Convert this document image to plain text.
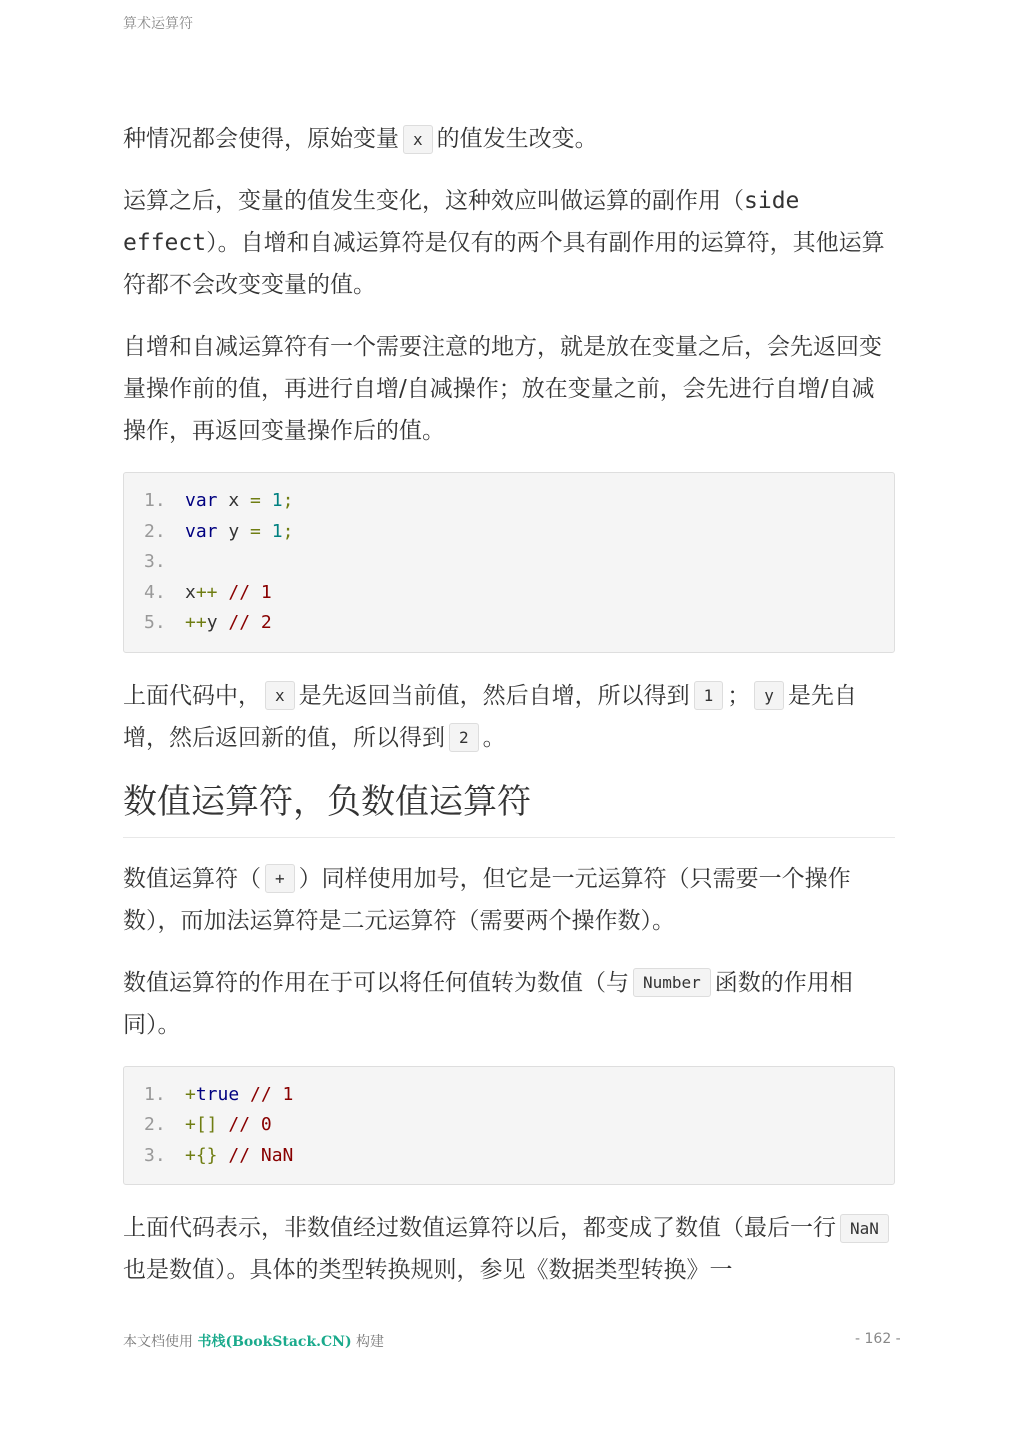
算术运算符

种情况都会使得，原始变量 x 的值发生改变。

运算之后，变量的值发生变化，这种效应叫做运算的副作用（side effect）。自增和自减运算符是仅有的两个具有副作用的运算符，其他运算符都不会改变变量的值。

自增和自减运算符有一个需要注意的地方，就是放在变量之后，会先返回变量操作前的值，再进行自增/自减操作；放在变量之前，会先进行自增/自减操作，再返回变量操作后的值。

1.	var x = 1;
2.	var y = 1;
3.
4.	x++ // 1
5.	++y // 2

上面代码中， x 是先返回当前值，然后自增，所以得到 1 ； y 是先自增，然后返回新的值，所以得到 2 。

数值运算符，负数值运算符

数值运算符（ + ）同样使用加号，但它是一元运算符（只需要一个操作数），而加法运算符是二元运算符（需要两个操作数）。

数值运算符的作用在于可以将任何值转为数值（与 Number 函数的作用相同）。

1.	+true // 1
2.	+[] // 0
3.	+{} // NaN

上面代码表示，非数值经过数值运算符以后，都变成了数值（最后一行 NaN也是数值）。具体的类型转换规则，参见《数据类型转换》一

本文档使用 书栈(BookStack.CN) 构建	- 162 -
